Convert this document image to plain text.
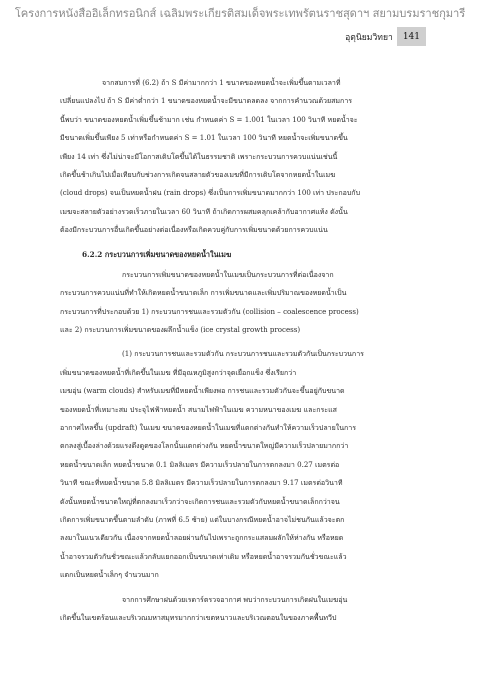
โครงการหนังสืออิเล็กทรอนิกส์ เฉลิมพระเกียรติสมเด็จพระเทพรัตนราชสุดาฯ สยามบรมราชกุมารี
อุตุนิยมวิทยา	141
จากสมการที่ (6.2) ถ้า S มีค่ามากกว่า 1 ขนาดของหยดน้ำจะเพิ่มขึ้นตามเวลาที่
เปลี่ยนแปลงไป ถ้า S มีค่าต่ำกว่า 1 ขนาดของหยดน้ำจะมีขนาดลดลง จากการคำนวณด้วยสมการ
นี้พบว่า ขนาดของหยดน้ำเพิ่มขึ้นช้ามาก เช่น กำหนดค่า S = 1.001 ในเวลา 100 วินาที หยดน้ำจะ
มีขนาดเพิ่มขึ้นเพียง 5 เท่าหรือกำหนดค่า S = 1.01 ในเวลา 100 วินาที หยดน้ำจะเพิ่มขนาดขึ้น
เพียง 14 เท่า ซึ่งไม่น่าจะมีโอกาสเติบโตขึ้นได้ในธรรมชาติ เพราะกระบวนการควบแน่นเช่นนี้
เกิดขึ้นช้าเกินไปเมื่อเทียบกับช่วงการเกิดจนสลายตัวของเมฆที่มีการเติบโตจากหยดน้ำในเมฆ
(cloud drops) จนเป็นหยดน้ำฝน (rain drops) ซึ่งเป็นการเพิ่มขนาดมากกว่า 100 เท่า ประกอบกับ
เมฆจะสลายตัวอย่างรวดเร็วภายในเวลา 60 วินาที ถ้าเกิดการผสมคลุกเคล้ากับอากาศแห้ง ดังนั้น
ต้องมีกระบวนการอื่นเกิดขึ้นอย่างต่อเนื่องหรือเกิดควบคู่กับการเพิ่มขนาดด้วยการควบแน่น
6.2.2 กระบวนการเพิ่มขนาดของหยดน้ำในเมฆ
กระบวนการเพิ่มขนาดของหยดน้ำในเมฆเป็นกระบวนการที่ต่อเนื่องจาก
กระบวนการควบแน่นที่ทำให้เกิดหยดน้ำขนาดเล็ก การเพิ่มขนาดและเพิ่มปริมาณของหยดน้ำเป็น
กระบวนการที่ประกอบด้วย 1) กระบวนการชนและรวมตัวกัน (collision – coalescence process)
และ 2) กระบวนการเพิ่มขนาดของผลึกน้ำแข็ง (ice crystal growth process)
(1) กระบวนการชนและรวมตัวกัน กระบวนการชนและรวมตัวกันเป็นกระบวนการ
เพิ่มขนาดของหยดน้ำที่เกิดขึ้นในเมฆ ที่มีอุณหภูมิสูงกว่าจุดเยือกแข็ง ซึ่งเรียกว่า
เมฆอุ่น (warm clouds) สำหรับเมฆที่มีหยดน้ำเพียงพอ การชนและรวมตัวกันจะขึ้นอยู่กับขนาด
ของหยดน้ำที่เหมาะสม ประจุไฟฟ้าหยดน้ำ สนามไฟฟ้าในเมฆ ความหนาของเมฆ และกระแส
อากาศไหลขึ้น (updraft) ในเมฆ ขนาดของหยดน้ำในเมฆที่แตกต่างกันทำให้ความเร็วปลายในการ
ตกลงสู่เบื้องล่างด้วยแรงดึงดูดของโลกนั้นแตกต่างกัน หยดน้ำขนาดใหญ่มีความเร็วปลายมากกว่า
หยดน้ำขนาดเล็ก หยดน้ำขนาด 0.1 มิลลิเมตร มีความเร็วปลายในการตกลงมา 0.27 เมตรต่อ
วินาที ขณะที่หยดน้ำขนาด 5.8 มิลลิเมตร มีความเร็วปลายในการตกลงมา 9.17 เมตรต่อวินาที
ดังนั้นหยดน้ำขนาดใหญ่ที่ตกลงมาเร็วกว่าจะเกิดการชนและรวมตัวกับหยดน้ำขนาดเล็กกว่าจน
เกิดการเพิ่มขนาดขึ้นตามลำดับ (ภาพที่ 6.5 ซ้าย) แต่ในบางกรณีหยดน้ำอาจไม่ชนกันแล้วจะตก
ลงมาในแนวเดียวกัน เนื่องจากหยดน้ำลอยผ่านกันไปเพราะถูกกระแสลมผลักให้ห่างกัน หรือหยด
น้ำอาจรวมตัวกันชั่วขณะแล้วกลับแยกออกเป็นขนาดเท่าเดิม หรือหยดน้ำอาจรวมกันชั่วขณะแล้ว
แตกเป็นหยดน้ำเล็กๆ จำนวนมาก
จากการศึกษาฝนด้วยเรดาร์ตรวจอากาศ พบว่ากระบวนการเกิดฝนในเมฆอุ่น
เกิดขึ้นในเขตร้อนและบริเวณมหาสมุทรมากกว่าเขตหนาวและบริเวณตอนในของภาคพื้นทวีป
